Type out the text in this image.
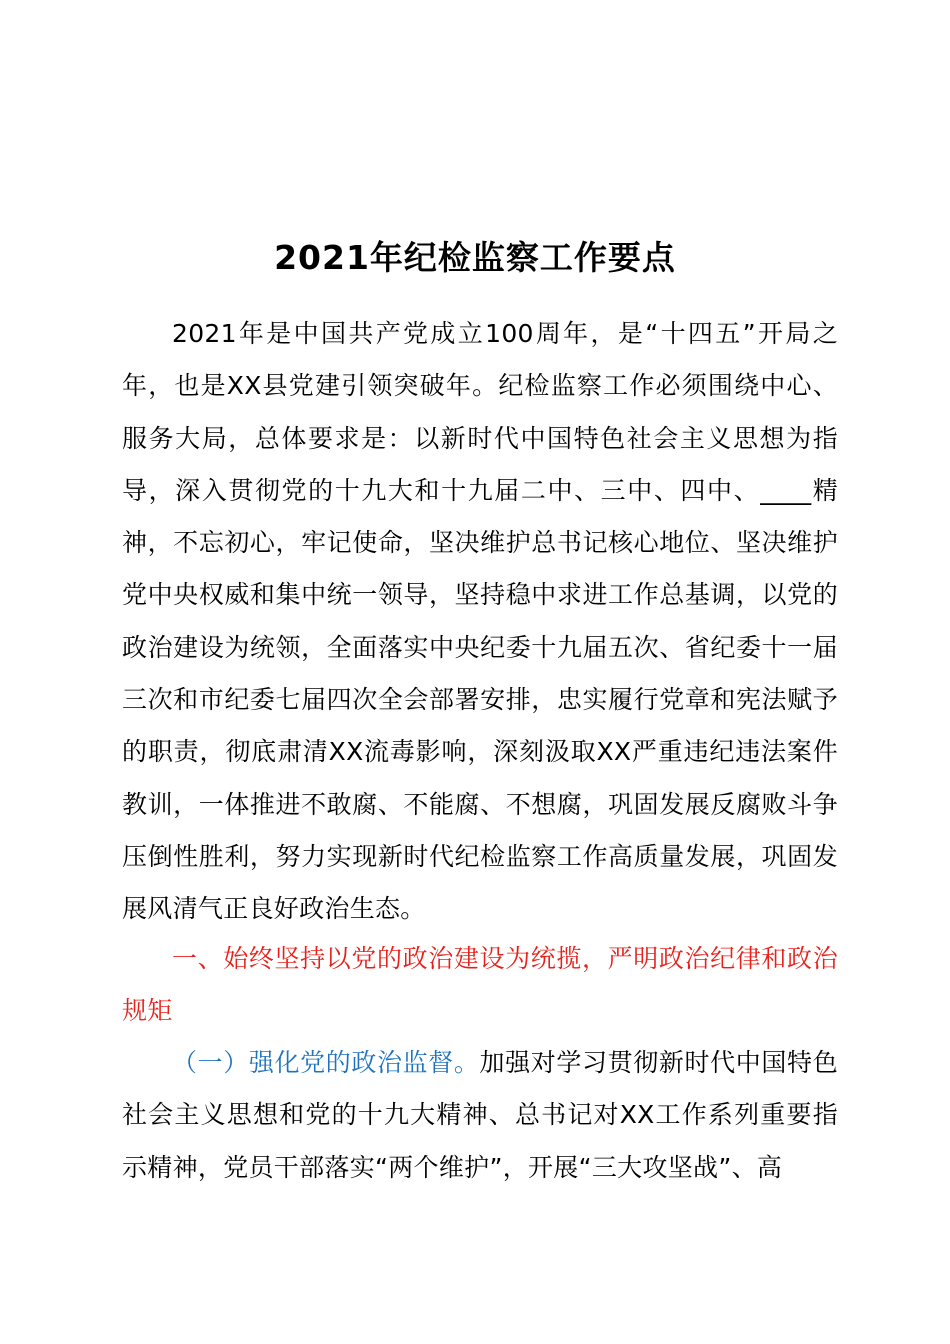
2021年纪检监察工作要点

2021年是中国共产党成立100周年，是“十四五”开局之年，也是XX县党建引领突破年。纪检监察工作必须围绕中心、服务大局，总体要求是：以新时代中国特色社会主义思想为指导，深入贯彻党的十九大和十九届二中、三中、四中、____精神，不忘初心，牢记使命，坚决维护总书记核心地位、坚决维护党中央权威和集中统一领导，坚持稳中求进工作总基调，以党的政治建设为统领，全面落实中央纪委十九届五次、省纪委十一届三次和市纪委七届四次全会部署安排，忠实履行党章和宪法赋予的职责，彻底肃清XX流毒影响，深刻汲取XX严重违纪违法案件教训，一体推进不敢腐、不能腐、不想腐，巩固发展反腐败斗争压倒性胜利，努力实现新时代纪检监察工作高质量发展，巩固发展风清气正良好政治生态。

一、始终坚持以党的政治建设为统揽，严明政治纪律和政治规矩

（一）强化党的政治监督。加强对学习贯彻新时代中国特色社会主义思想和党的十九大精神、总书记对XX工作系列重要指示精神，党员干部落实“两个维护”，开展“三大攻坚战”、高
